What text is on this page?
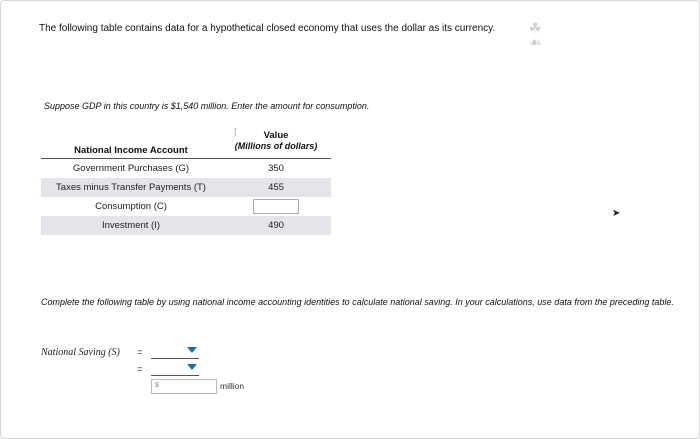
The following table contains data for a hypothetical closed economy that uses the dollar as its currency.	☘
☙
Suppose GDP in this country is $1,540 million. Enter the amount for consumption.
⌈
National Income Account	Value
(Millions of dollars)

Government Purchases (G)	350
Taxes minus Transfer Payments (T)	455
Consumption (C)	
Investment (I)	490
➤
Complete the following table by using national income accounting identities to calculate national saving. In your calculations, use data from the preceding table.
National Saving (S) =
=
$	million
